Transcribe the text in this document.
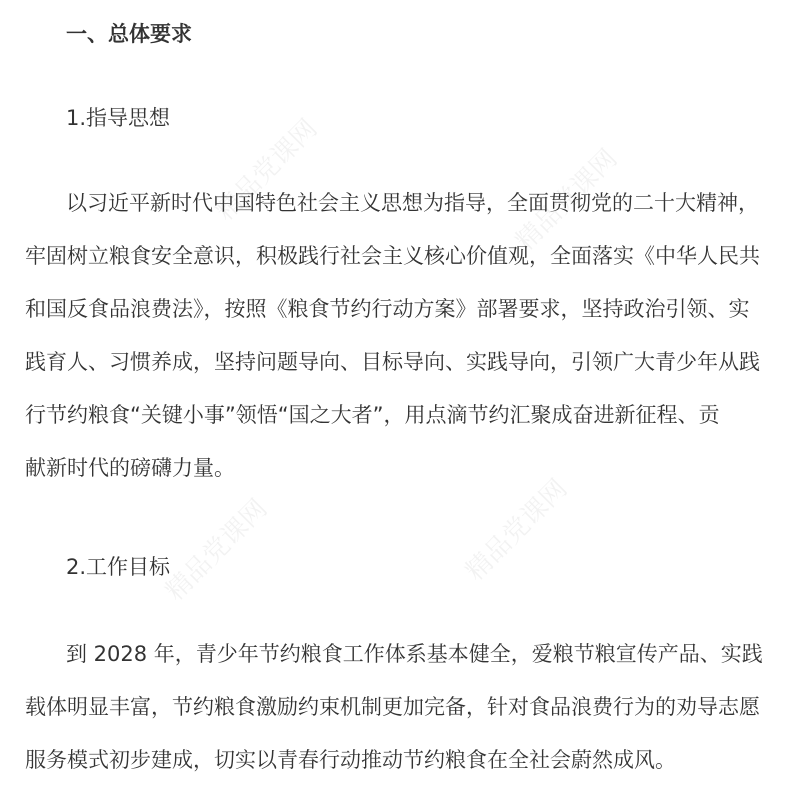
精品党课网	精品党课网
精品党课网	精品党课网
一、总体要求
1.指导思想
以习近平新时代中国特色社会主义思想为指导，全面贯彻党的二十大精神，
牢固树立粮食安全意识，积极践行社会主义核心价值观，全面落实《中华人民共
和国反食品浪费法》，按照《粮食节约行动方案》部署要求，坚持政治引领、实
践育人、习惯养成，坚持问题导向、目标导向、实践导向，引领广大青少年从践
行节约粮食“关键小事”领悟“国之大者”，用点滴节约汇聚成奋进新征程、贡
献新时代的磅礴力量。
2.工作目标
到 2028 年，青少年节约粮食工作体系基本健全，爱粮节粮宣传产品、实践
载体明显丰富，节约粮食激励约束机制更加完备，针对食品浪费行为的劝导志愿
服务模式初步建成，切实以青春行动推动节约粮食在全社会蔚然成风。
